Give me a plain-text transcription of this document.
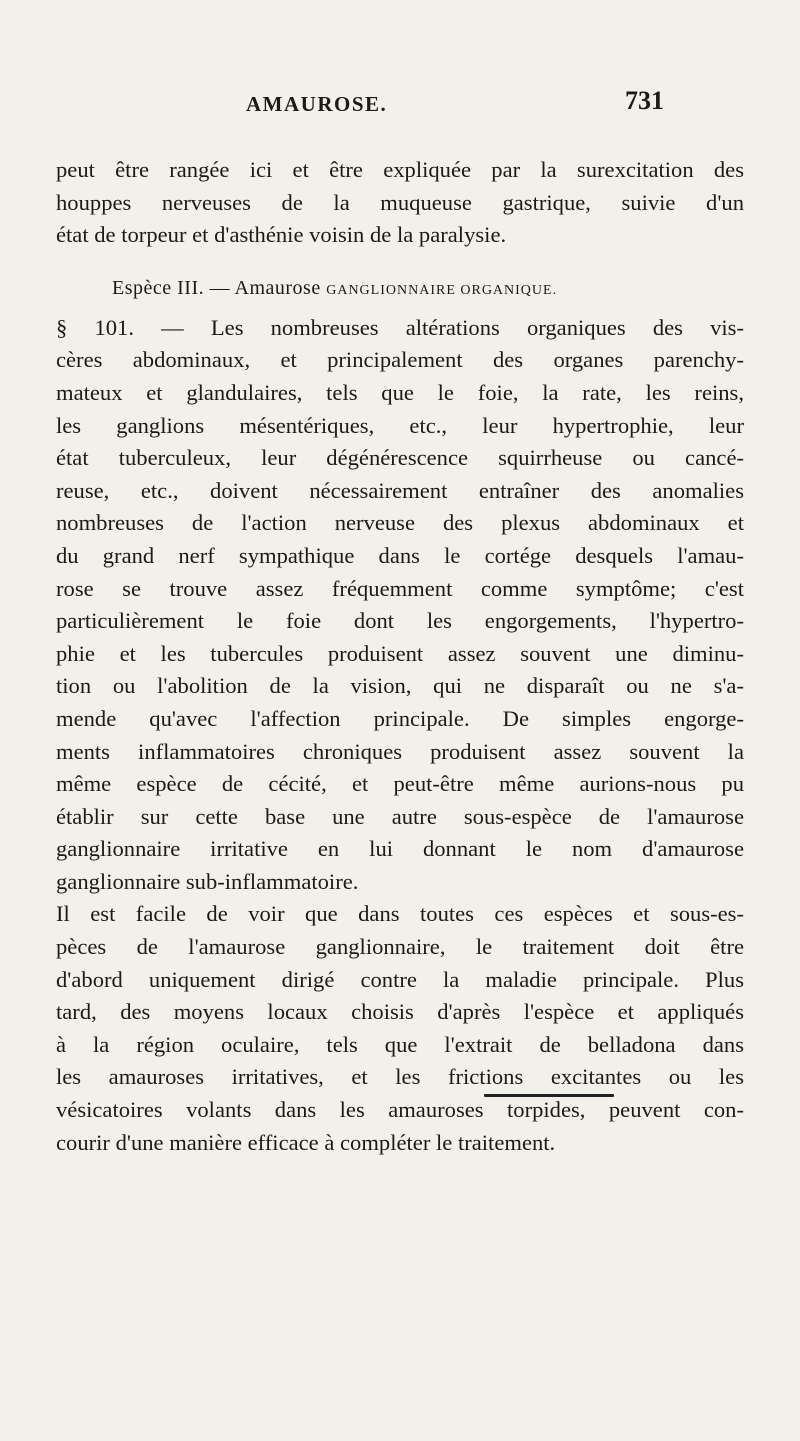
AMAUROSE.	731
peut être rangée ici et être expliquée par la surexcitation des
houppes nerveuses de la muqueuse gastrique, suivie d'un
état de torpeur et d'asthénie voisin de la paralysie.
Espèce III. — Amaurose GANGLIONNAIRE ORGANIQUE.
§ 101. — Les nombreuses altérations organiques des vis-
cères abdominaux, et principalement des organes parenchy-
mateux et glandulaires, tels que le foie, la rate, les reins,
les ganglions mésentériques, etc., leur hypertrophie, leur
état tuberculeux, leur dégénérescence squirrheuse ou cancé-
reuse, etc., doivent nécessairement entraîner des anomalies
nombreuses de l'action nerveuse des plexus abdominaux et
du grand nerf sympathique dans le cortége desquels l'amau-
rose se trouve assez fréquemment comme symptôme; c'est
particulièrement le foie dont les engorgements, l'hypertro-
phie et les tubercules produisent assez souvent une diminu-
tion ou l'abolition de la vision, qui ne disparaît ou ne s'a-
mende qu'avec l'affection principale. De simples engorge-
ments inflammatoires chroniques produisent assez souvent la
même espèce de cécité, et peut-être même aurions-nous pu
établir sur cette base une autre sous-espèce de l'amaurose
ganglionnaire irritative en lui donnant le nom d'amaurose
ganglionnaire sub-inflammatoire.
Il est facile de voir que dans toutes ces espèces et sous-es-
pèces de l'amaurose ganglionnaire, le traitement doit être
d'abord uniquement dirigé contre la maladie principale. Plus
tard, des moyens locaux choisis d'après l'espèce et appliqués
à la région oculaire, tels que l'extrait de belladona dans
les amauroses irritatives, et les frictions excitantes ou les
vésicatoires volants dans les amauroses torpides, peuvent con-
courir d'une manière efficace à compléter le traitement.
